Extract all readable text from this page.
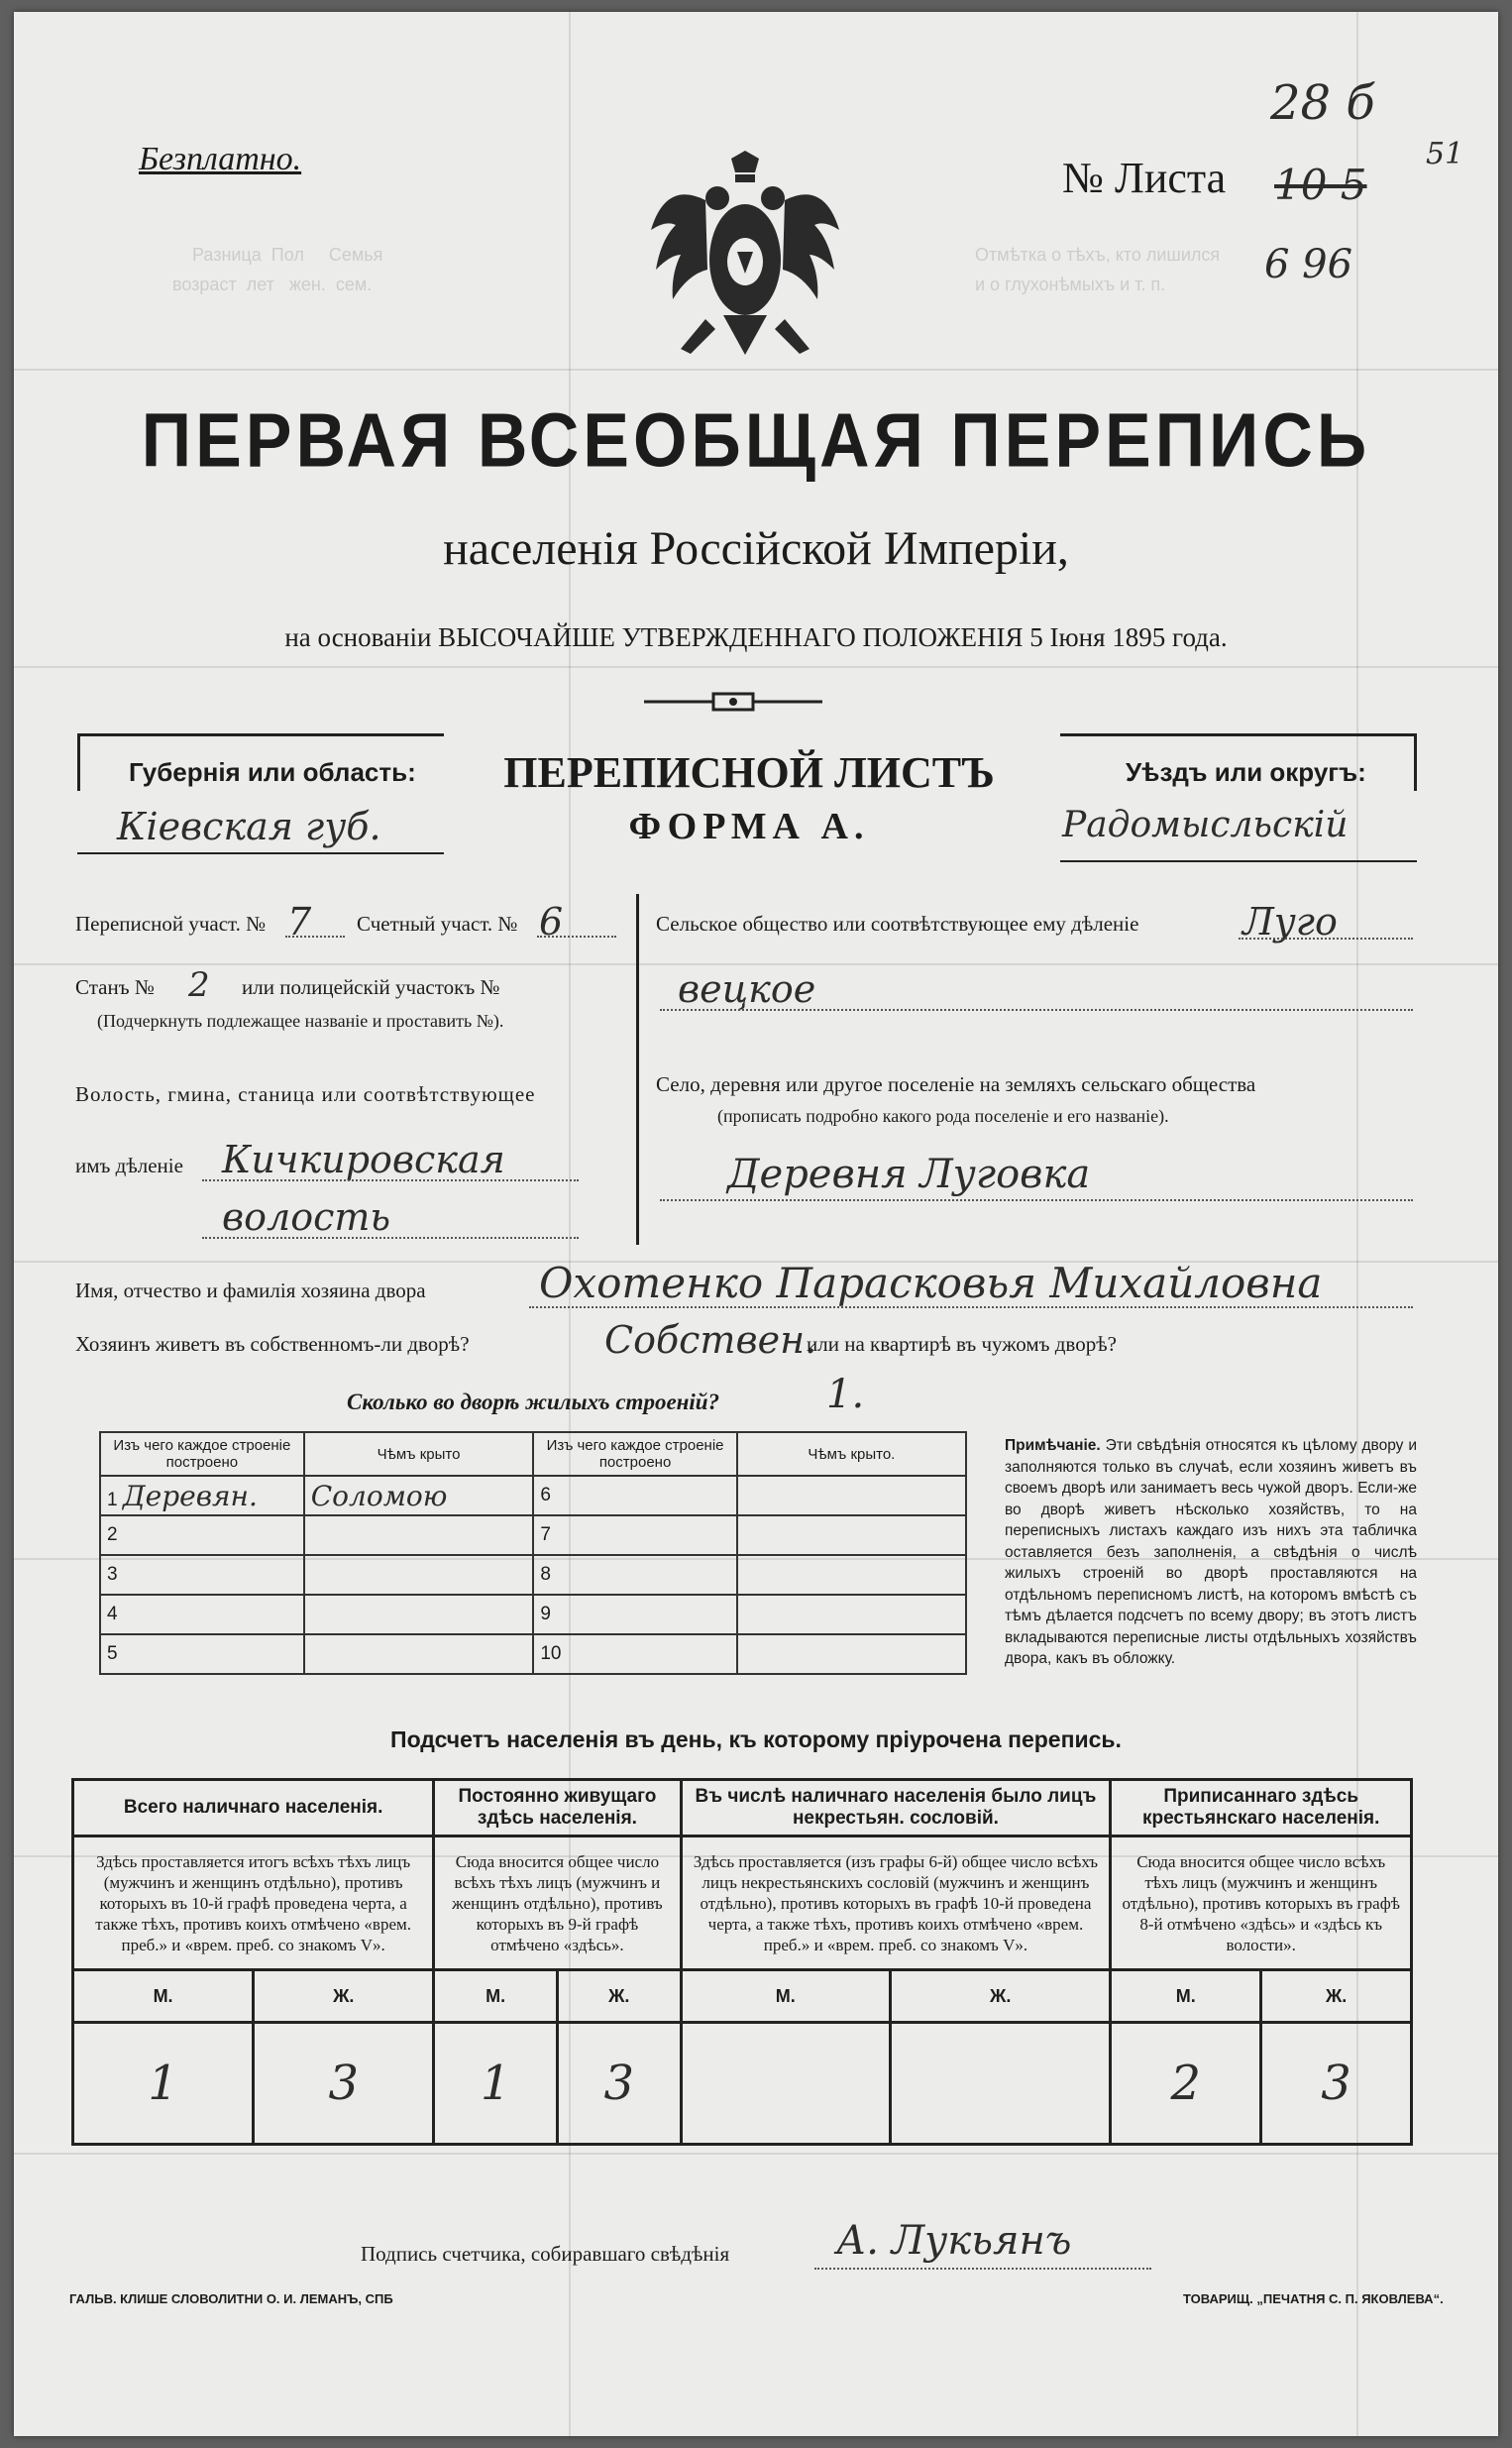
Разница  Пол     Семья
возраст  лет   жен.  сем.
Отмѣтка о тѣхъ, кто лишился
и о глухонѣмыхъ и т. п.
Безплатно.	№ Листа
28 б
10 5
51
6 96
ПЕРВАЯ ВСЕОБЩАЯ ПЕРЕПИСЬ
населенія Россійской Имперіи,
на основаніи ВЫСОЧАЙШЕ УТВЕРЖДЕННАГО ПОЛОЖЕНІЯ 5 Іюня 1895 года.
Губернія или область:
Кіевская губ.
ПЕРЕПИСНОЙ ЛИСТЪ
ФОРМА А.
Уѣздъ или округъ:
Радомысльскій
Переписной участ. № 7 Счетный участ. № 6
Станъ № 2 или полицейскій участокъ №
(Подчеркнуть подлежащее названіе и проставить №).
Волость, гмина, станица или соотвѣтствующее
имъ дѣленіе Кичкировская
волость
Сельское общество или соотвѣтствующее ему дѣленіе	Лугo
вецкое
Село, деревня или другое поселеніе на земляхъ сельскаго общества
(прописать подробно какого рода поселеніе и его названіе).
Деревня Луговка
Имя, отчество и фамилія хозяина двора	Охотенко Парасковья Михайловна
Хозяинъ живетъ въ собственномъ-ли дворѣ?	Собствен.
или на квартирѣ въ чужомъ дворѣ?
Сколько во дворѣ жилыхъ строеній?	1.
Изъ чего каждое строеніе построено	Чѣмъ крыто	Изъ чего каждое строеніе построено	Чѣмъ крыто.
1 Деревян.	Соломою	6	
2		7	
3		8	
4		9	
5		10	
Примѣчаніе. Эти свѣдѣнія относятся къ цѣлому двору и заполняются только въ случаѣ, если хозяинъ живетъ въ своемъ дворѣ или занимаетъ весь чужой дворъ. Если-же во дворѣ живетъ нѣсколько хозяйствъ, то на переписныхъ листахъ каждаго изъ нихъ эта табличка оставляется безъ заполненія, а свѣдѣнія о числѣ жилыхъ строеній во дворѣ проставляются на отдѣльномъ переписномъ листѣ, на которомъ вмѣстѣ съ тѣмъ дѣлается подсчетъ по всему двору; въ этотъ листъ вкладываются переписные листы отдѣльныхъ хозяйствъ двора, какъ въ обложку.
Подсчетъ населенія въ день, къ которому пріурочена перепись.
Всего наличнаго населенія.		Постоянно живущаго здѣсь населенія.		Въ числѣ наличнаго населенія было лицъ некрестьян. сословій.		Приписаннаго здѣсь крестьянскаго населенія.	
Здѣсь проставляется итогъ всѣхъ тѣхъ лицъ (мужчинъ и женщинъ отдѣльно), противъ которыхъ въ 10-й графѣ проведена черта, а также тѣхъ, противъ коихъ отмѣчено «врем. преб.» и «врем. преб. со знакомъ V».		Сюда вносится общее число всѣхъ тѣхъ лицъ (мужчинъ и женщинъ отдѣльно), противъ которыхъ въ 9-й графѣ отмѣчено «здѣсь».		Здѣсь проставляется (изъ графы 6-й) общее число всѣхъ лицъ некрестьянскихъ сословій (мужчинъ и женщинъ отдѣльно), противъ которыхъ въ графѣ 10-й проведена черта, а также тѣхъ, противъ коихъ отмѣчено «врем. преб.» и «врем. преб. со знакомъ V».		Сюда вносится общее число всѣхъ тѣхъ лицъ (мужчинъ и женщинъ отдѣльно), противъ которыхъ въ графѣ 8-й отмѣчено «здѣсь» и «здѣсь къ волости».	
М.	Ж.	М.	Ж.	М.	Ж.	М.	Ж.
1	3	1	3			2	3
Подпись счетчика, собиравшаго свѣдѣнія	А. Лукьянъ
ГАЛЬВ. КЛИШЕ СЛОВОЛИТНИ О. И. ЛЕМАНЪ, СПБ	ТОВАРИЩ. „ПЕЧАТНЯ С. П. ЯКОВЛЕВА“.
